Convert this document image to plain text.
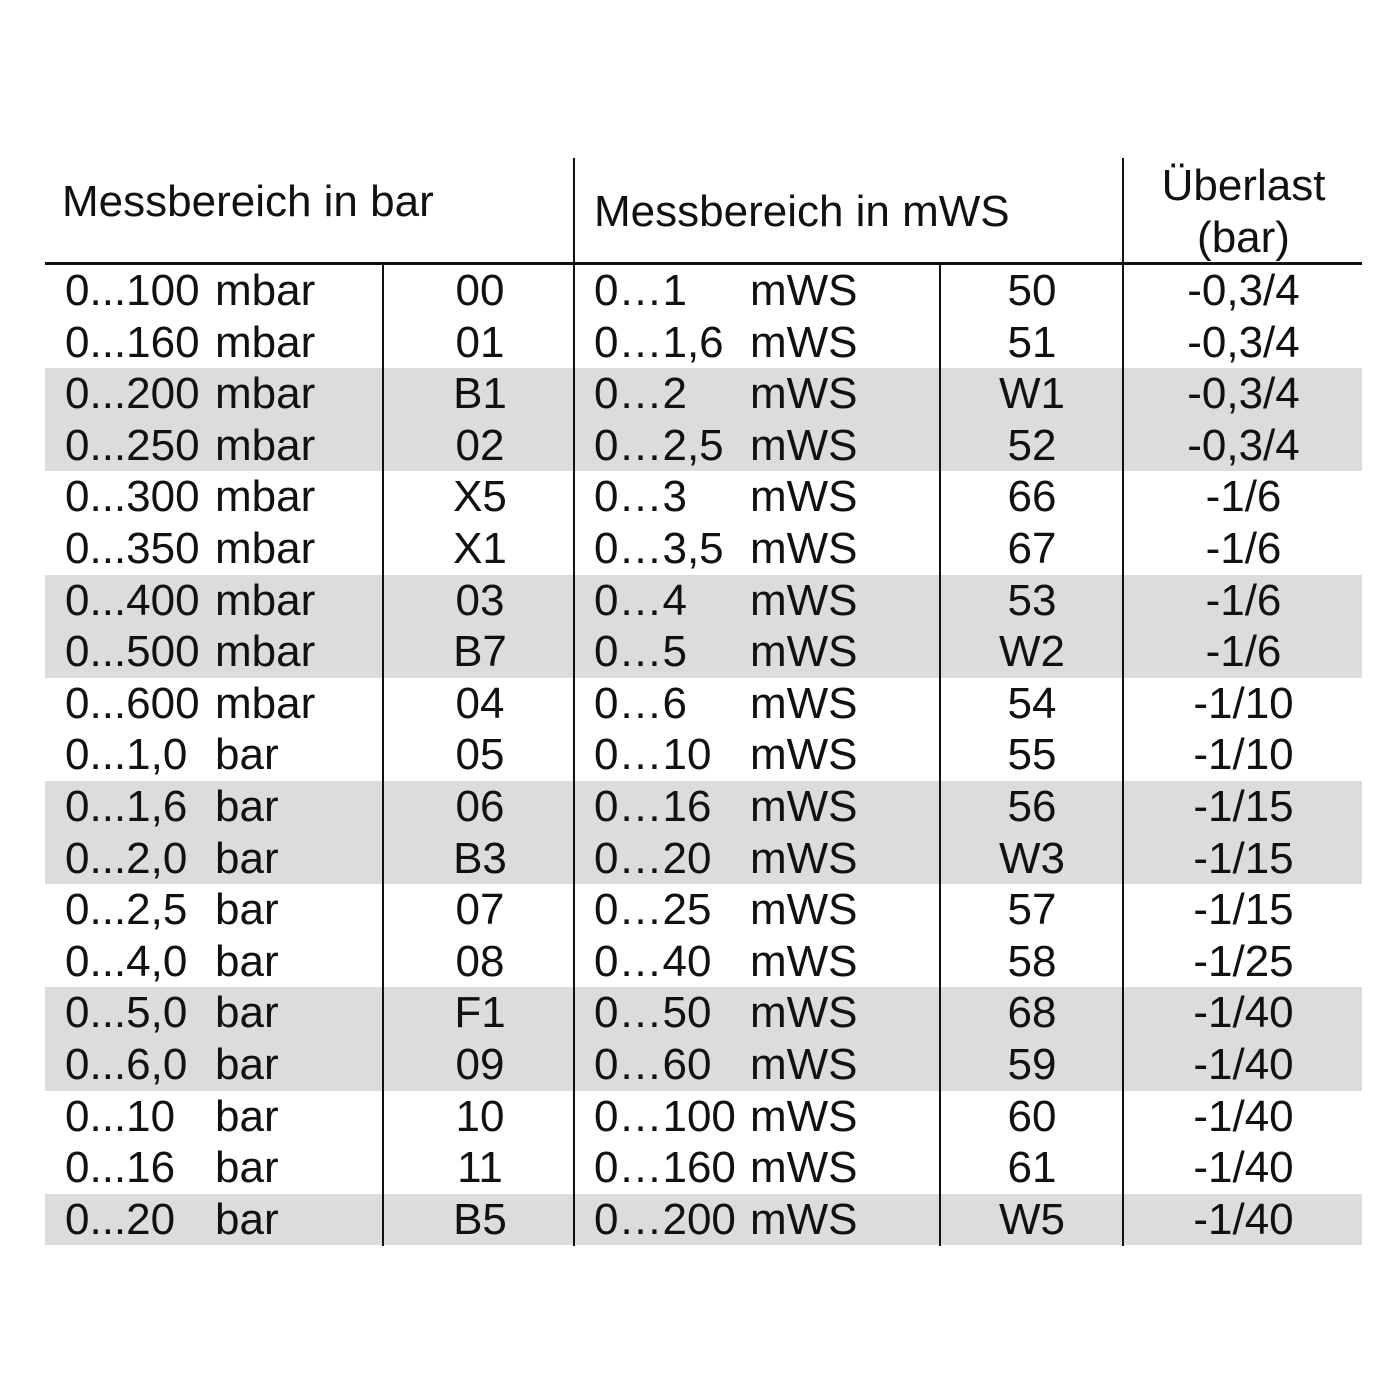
Messbereich in bar	Messbereich in mWS
Überlast
(bar)
0...100 mbar	00	0…1 mWS	50	-0,3/4
0...160 mbar	01	0…1,6 mWS	51	-0,3/4
0...200 mbar	B1	0…2 mWS	W1	-0,3/4
0...250 mbar	02	0…2,5 mWS	52	-0,3/4
0...300 mbar	X5	0…3 mWS	66	-1/6
0...350 mbar	X1	0…3,5 mWS	67	-1/6
0...400 mbar	03	0…4 mWS	53	-1/6
0...500 mbar	B7	0…5 mWS	W2	-1/6
0...600 mbar	04	0…6 mWS	54	-1/10
0...1,0 bar	05	0…10 mWS	55	-1/10
0...1,6 bar	06	0…16 mWS	56	-1/15
0...2,0 bar	B3	0…20 mWS	W3	-1/15
0...2,5 bar	07	0…25 mWS	57	-1/15
0...4,0 bar	08	0…40 mWS	58	-1/25
0...5,0 bar	F1	0…50 mWS	68	-1/40
0...6,0 bar	09	0…60 mWS	59	-1/40
0...10 bar	10	0…100 mWS	60	-1/40
0...16 bar	11	0…160 mWS	61	-1/40
0...20 bar	B5	0…200 mWS	W5	-1/40
